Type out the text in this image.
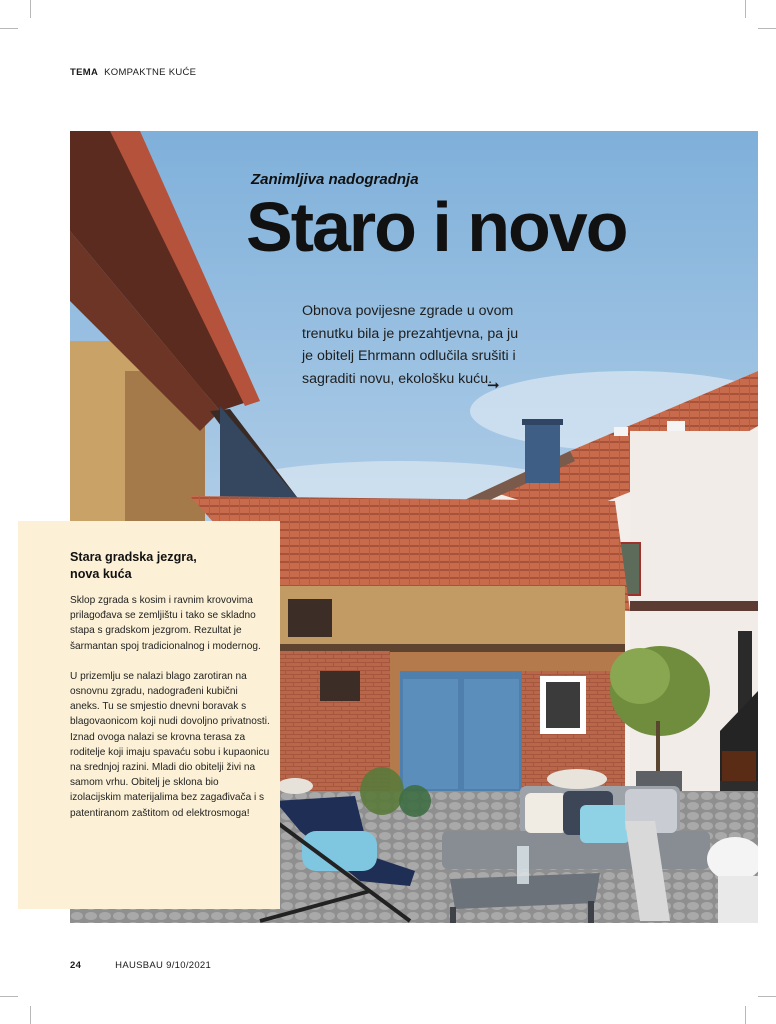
TEMA KOMPAKTNE KUĆE
Zanimljiva nadogradnja
Staro i novo
Obnova povijesne zgrade u ovom
trenutku bila je prezahtjevna, pa ju
je obitelj Ehrmann odlučila srušiti i
sagraditi novu, ekološku kuću.
➞
Stara gradska jezgra,
nova kuća

Sklop zgrada s kosim i ravnim krovovima prilagođava se zemljištu i tako se skladno stapa s gradskom jezgrom. Rezultat je šarmantan spoj tradicionalnog i modernog.

U prizemlju se nalazi blago zarotiran na osnovnu zgradu, nadograđeni kubični aneks. Tu se smjestio dnevni boravak s blagovaonicom koji nudi dovoljno privatnosti. Iznad ovoga nalazi se krovna terasa za roditelje koji imaju spavaću sobu i kupaonicu na srednjoj razini. Mladi dio obitelji živi na samom vrhu. Obitelj je sklona bio izolacijskim materijalima bez zagađivača i s patentiranom zaštitom od elektrosmoga!

24	HAUSBAU 9/10/2021
